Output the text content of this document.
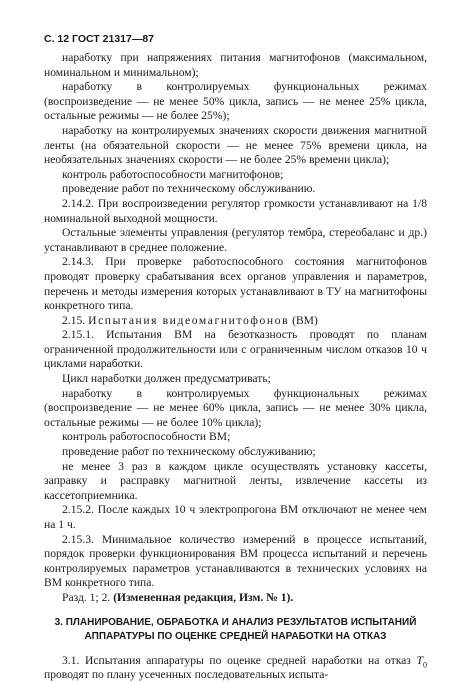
С. 12 ГОСТ 21317—87

наработку при напряжениях питания магнитофонов (максимальном, номинальном и минимальном);

наработку в контролируемых функциональных режимах (воспроизведение — не менее 50% цикла, запись — не менее 25% цикла, остальные режимы — не более 25%);

наработку на контролируемых значениях скорости движения магнитной ленты (на обязательной скорости — не менее 75% времени цикла, на необязательных значениях скорости — не более 25% времени цикла);

контроль работоспособности магнитофонов;

проведение работ по техническому обслуживанию.

2.14.2. При воспроизведении регулятор громкости устанавливают на 1/8 номинальной выходной мощности.

Остальные элементы управления (регулятор тембра, стереобаланс и др.) устанавливают в среднее положение.

2.14.3. При проверке работоспособного состояния магнитофонов проводят проверку срабатывания всех органов управления и параметров, перечень и методы измерения которых устанавливают в ТУ на магнитофоны конкретного типа.

2.15. Испытания видеомагнитофонов (ВМ)

2.15.1. Испытания ВМ на безотказность проводят по планам ограниченной продолжительности или с ограниченным числом отказов 10 ч циклами наработки.

Цикл наработки должен предусматривать;

наработку в контролируемых функциональных режимах (воспроизведение — не менее 60% цикла, запись — не менее 30% цикла, остальные режимы — не более 10% цикла);

контроль работоспособности ВМ;

проведение работ по техническому обслуживанию;

не менее 3 раз в каждом цикле осуществлять установку кассеты, заправку и расправку магнитной ленты, извлечение кассеты из кассетоприемника.

2.15.2. После каждых 10 ч электропрогона ВМ отключают не менее чем на 1 ч.

2.15.3. Минимальное количество измерений в процессе испытаний, порядок проверки функционирования ВМ процесса испытаний и перечень контролируемых параметров устанавливаются в технических условиях на ВМ конкретного типа.

Разд. 1; 2. (Измененная редакция, Изм. № 1).

3. ПЛАНИРОВАНИЕ, ОБРАБОТКА И АНАЛИЗ РЕЗУЛЬТАТОВ ИСПЫТАНИЙ АППАРАТУРЫ ПО ОЦЕНКЕ СРЕДНЕЙ НАРАБОТКИ НА ОТКАЗ

3.1. Испытания аппаратуры по оценке средней наработки на отказ $T_0$ проводят по плану усеченных последовательных испыта-
